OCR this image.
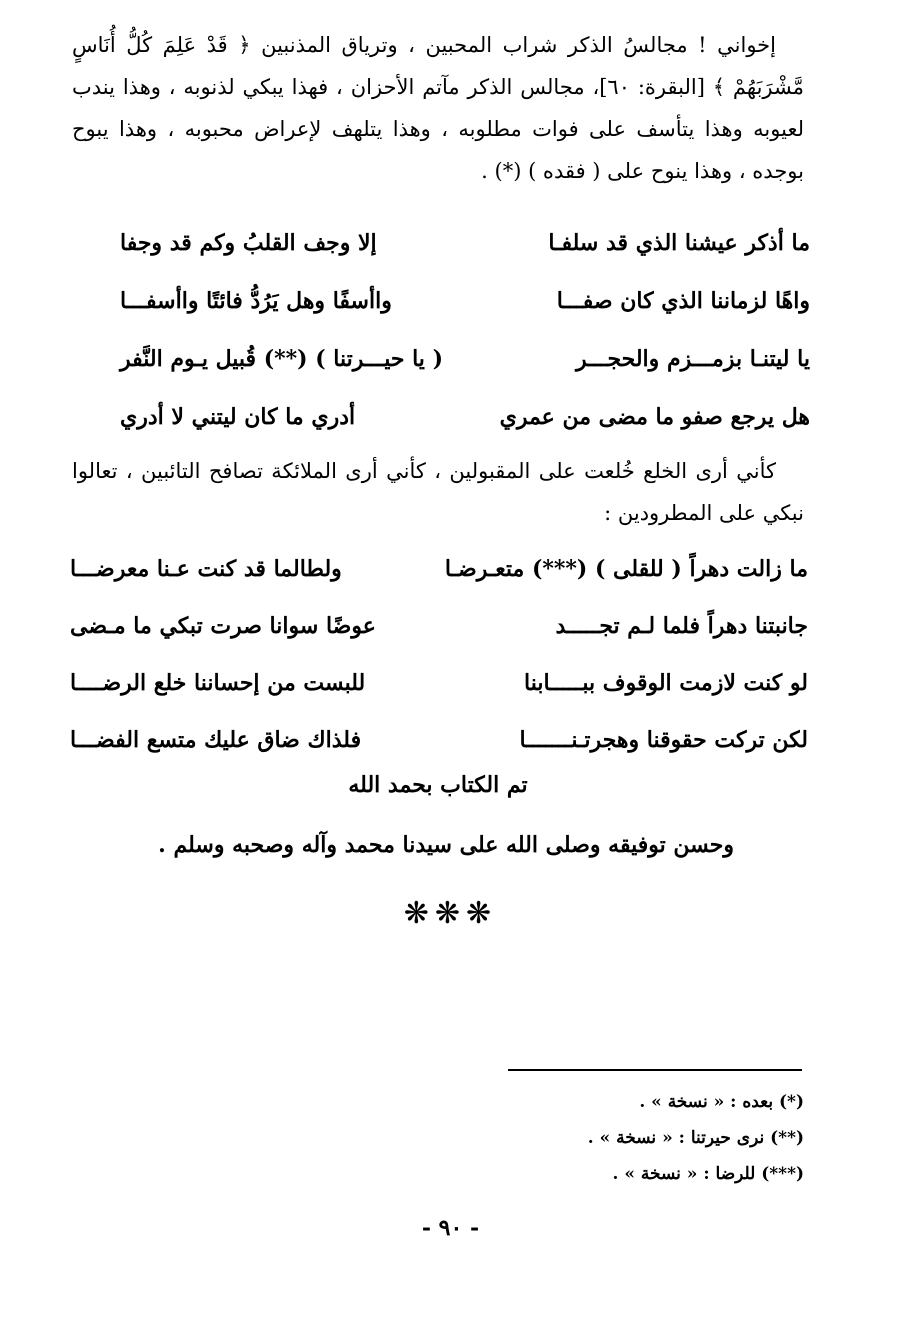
إخواني ! مجالسُ الذكر شراب المحبين ، وترياق المذنبين ﴿ قَدْ عَلِمَ كُلُّ أُنَاسٍ مَّشْرَبَهُمْ ﴾ [البقرة: ٦٠]، مجالس الذكر مآتم الأحزان ، فهذا يبكي لذنوبه ، وهذا يندب لعيوبه وهذا يتأسف على فوات مطلوبه ، وهذا يتلهف لإعراض محبوبه ، وهذا يبوح بوجده ، وهذا ينوح على ( فقده ) (*) .

ما أذكر عيشنا الذي قد سلفـا
إلا وجف القلبُ وكم قد وجفا
واهًا لزماننا الذي كان صفـــا
واأسفًا وهل يَرُدُّ فائتًا واأسفـــا
يا ليتنـا بزمـــزم والحجـــر
( يا حيـــرتنا ) (**) قُبيل يـوم النَّفر
هل يرجع صفو ما مضى من عمري
أدري ما كان ليتني لا أدري

كأني أرى الخلع خُلعت على المقبولين ، كأني أرى الملائكة تصافح التائبين ، تعالوا نبكي على المطرودين :

ما زالت دهراً ( للقلى ) (***) متعـرضـا
ولطالما قد كنت عـنا معرضـــا
جانبتنا دهراً فلما لـم تجـــــد
عوضًا سوانا صرت تبكي ما مـضى
لو كنت لازمت الوقوف ببـــــابنا
للبست من إحساننا خلع الرضــــا
لكن تركت حقوقنا وهجرتـنـــــــا
فلذاك ضاق عليك متسع الفضـــا
تم الكتاب بحمد الله
وحسن توفيقه وصلى الله على سيدنا محمد وآله وصحبه وسلم .
❋❋❋
(*) بعده : « نسخة » .
(**) نرى حيرتنا : « نسخة » .
(***) للرضا : « نسخة » .
- ٩٠ -
